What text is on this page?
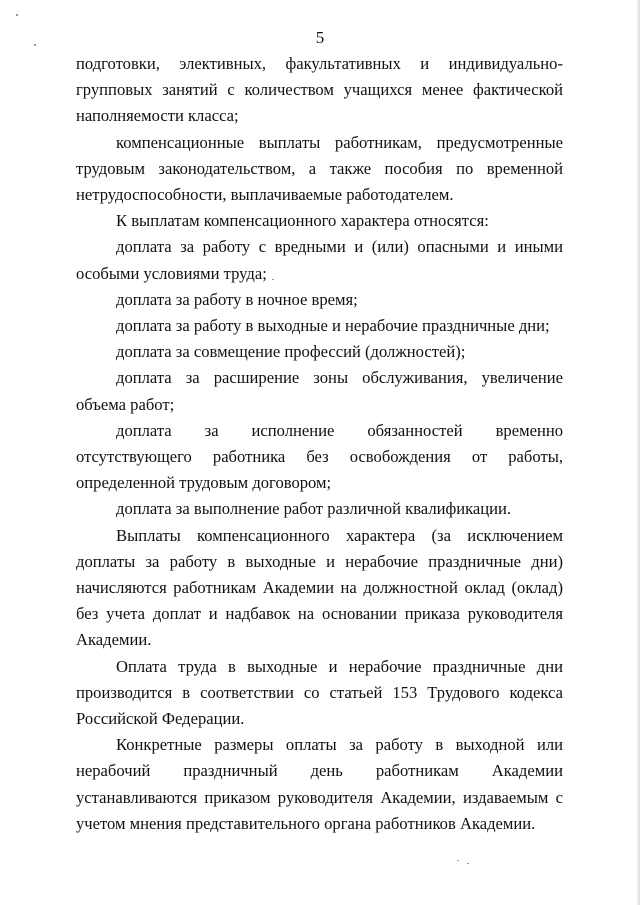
5

подготовки, элективных, факультативных и индивидуально-групповых занятий с количеством учащихся менее фактической наполняемости класса;

компенсационные выплаты работникам, предусмотренные трудовым законодательством, а также пособия по временной нетрудоспособности, выплачиваемые работодателем.

К выплатам компенсационного характера относятся:

доплата за работу с вредными и (или) опасными и иными особыми условиями труда;

доплата за работу в ночное время;

доплата за работу в выходные и нерабочие праздничные дни;

доплата за совмещение профессий (должностей);

доплата за расширение зоны обслуживания, увеличение объема работ;

доплата за исполнение обязанностей временно отсутствующего работника без освобождения от работы, определенной трудовым договором;

доплата за выполнение работ различной квалификации.

Выплаты компенсационного характера (за исключением доплаты за работу в выходные и нерабочие праздничные дни) начисляются работникам Академии на должностной оклад (оклад) без учета доплат и надбавок на основании приказа руководителя Академии.

Оплата труда в выходные и нерабочие праздничные дни производится в соответствии со статьей 153 Трудового кодекса Российской Федерации.

Конкретные размеры оплаты за работу в выходной или нерабочий праздничный день работникам Академии устанавливаются приказом руководителя Академии, издаваемым с учетом мнения представительного органа работников Академии.
